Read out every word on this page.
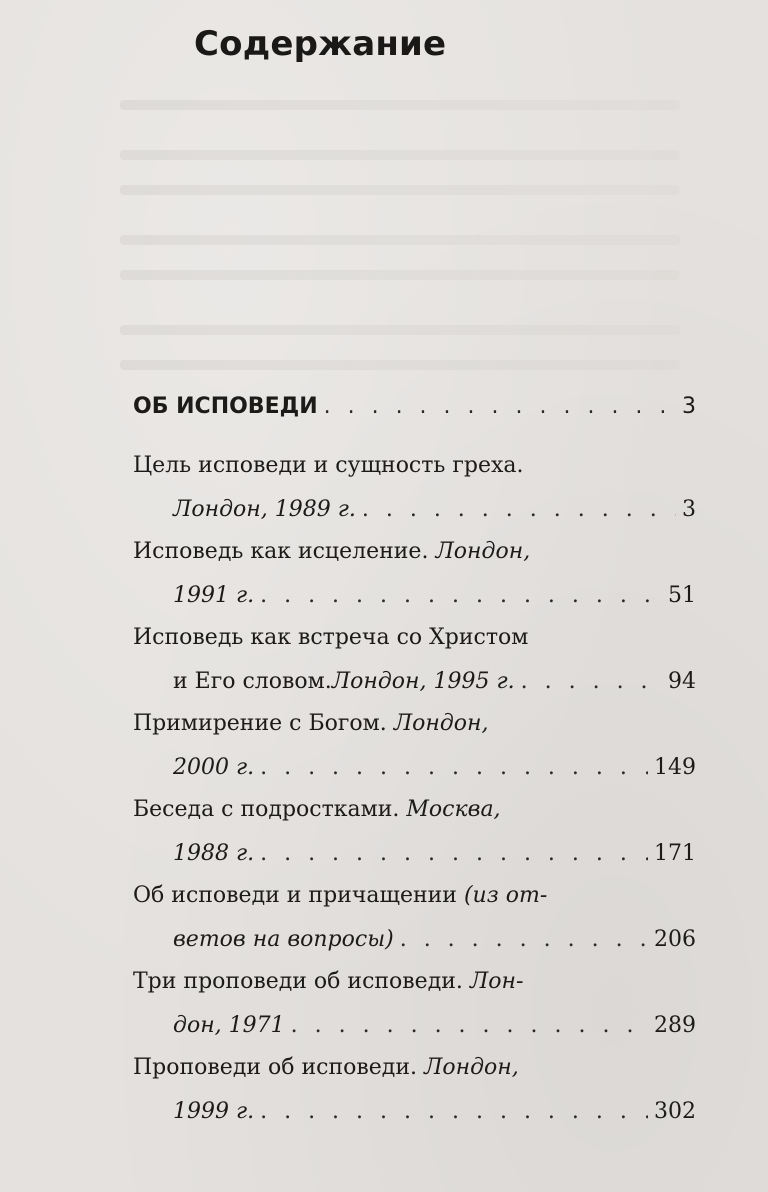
Содержание
ОБ ИСПОВЕДИ . . .	3
Цель исповеди и сущность греха.
Лондон, 1989 г. . . .	3
Исповедь как исцеление. Лондон,
1991 г. . . .	51
Исповедь как встреча со Христом
и Его словом. Лондон, 1995 г. . . .	94
Примирение с Богом. Лондон,
2000 г. . . .	149
Беседа с подростками. Москва,
1988 г. . . .	171
Об исповеди и причащении (из от-
ветов на вопросы) . . .	206
Три проповеди об исповеди. Лон-
дон, 1971 . . .	289
Проповеди об исповеди. Лондон,
1999 г. . . .	302
